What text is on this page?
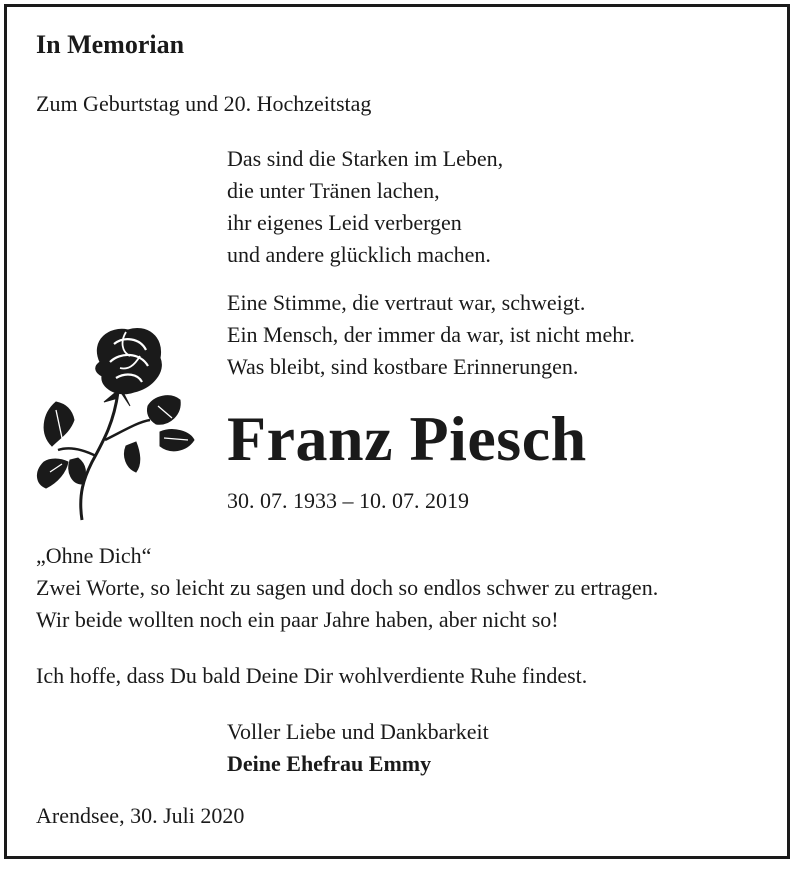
In Memorian
Zum Geburtstag und 20. Hochzeitstag
Das sind die Starken im Leben,
die unter Tränen lachen,
ihr eigenes Leid verbergen
und andere glücklich machen.
Eine Stimme, die vertraut war, schweigt.
Ein Mensch, der immer da war, ist nicht mehr.
Was bleibt, sind kostbare Erinnerungen.
Franz Piesch
30. 07. 1933 – 10. 07. 2019
„Ohne Dich“
Zwei Worte, so leicht zu sagen und doch so endlos schwer zu ertragen.
Wir beide wollten noch ein paar Jahre haben, aber nicht so!
Ich hoffe, dass Du bald Deine Dir wohlverdiente Ruhe findest.
Voller Liebe und Dankbarkeit
Deine Ehefrau Emmy
Arendsee, 30. Juli 2020
